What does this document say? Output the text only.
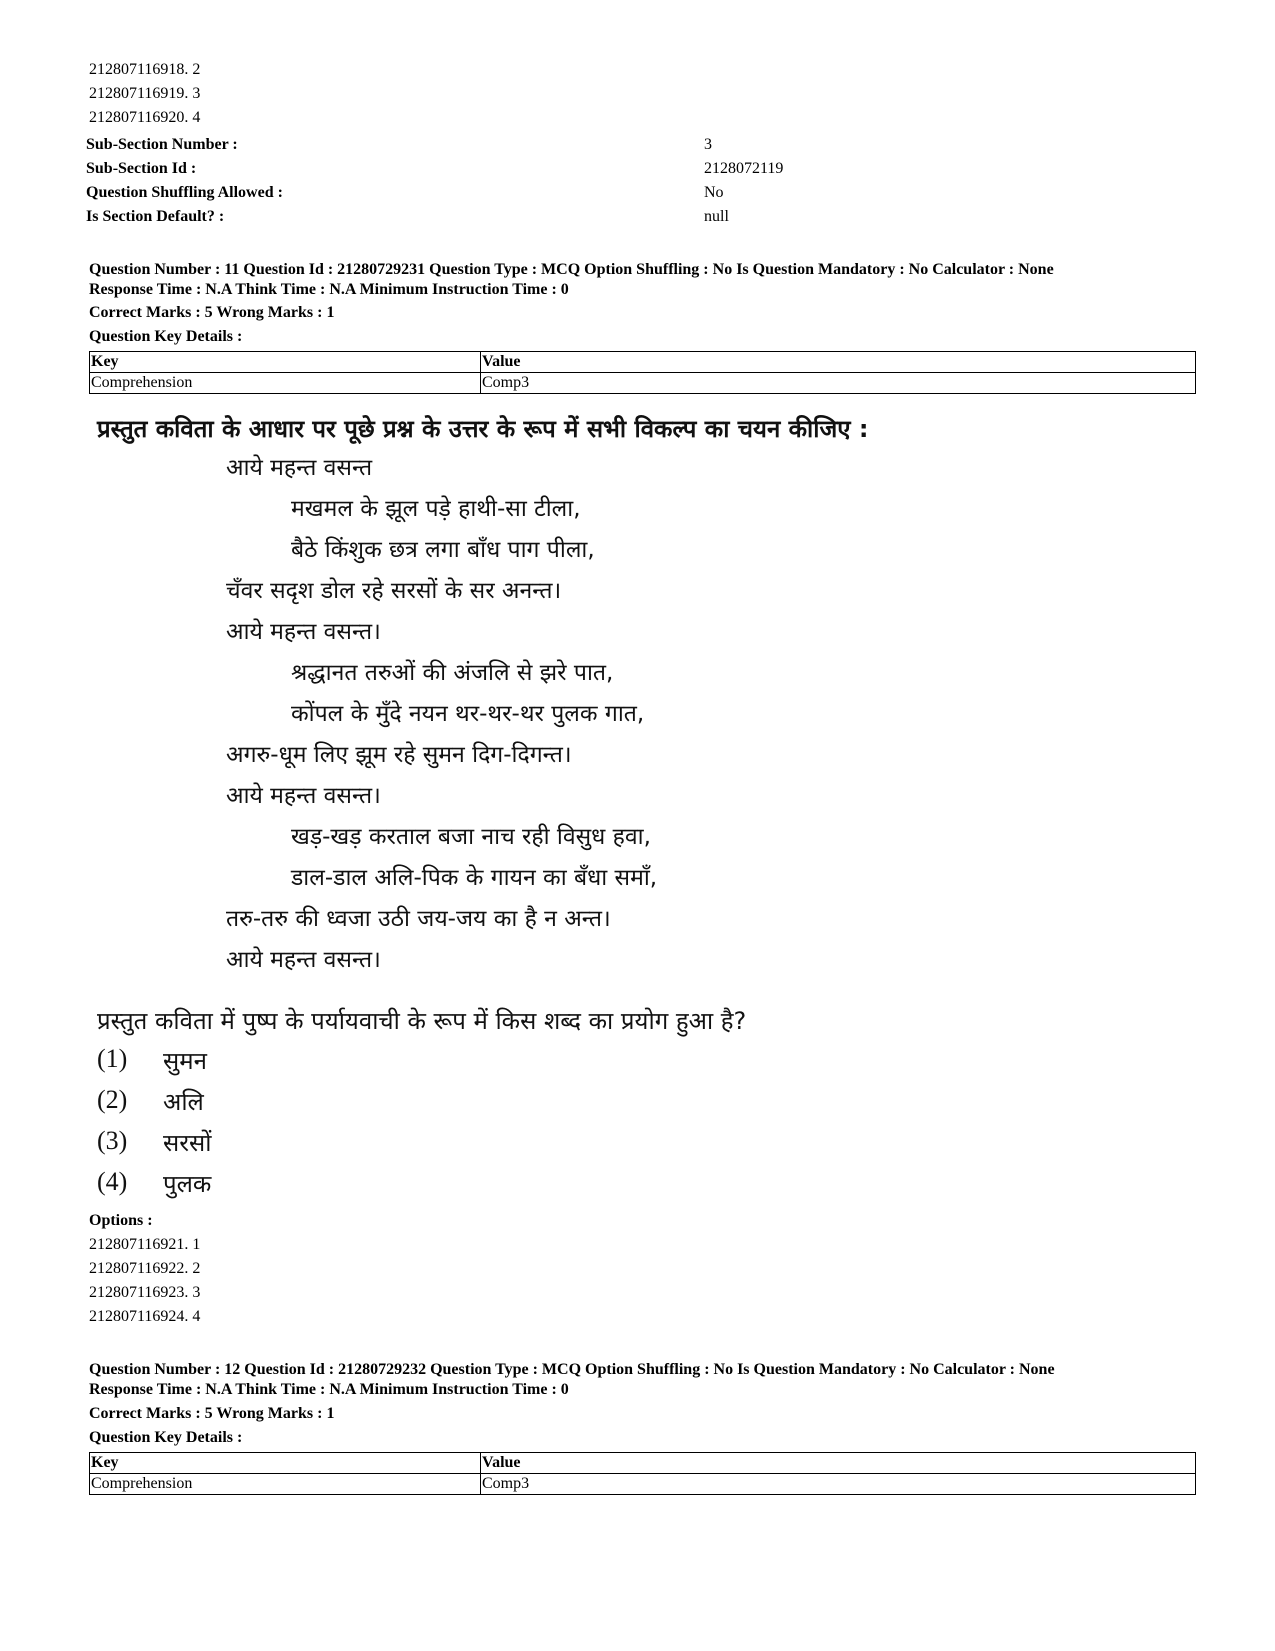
212807116918. 2
212807116919. 3
212807116920. 4
Sub-Section Number :	3
Sub-Section Id :	2128072119
Question Shuffling Allowed :	No
Is Section Default? :	null
Question Number : 11 Question Id : 21280729231 Question Type : MCQ Option Shuffling : No Is Question Mandatory : No Calculator : None
Response Time : N.A Think Time : N.A Minimum Instruction Time : 0
Correct Marks : 5 Wrong Marks : 1
Question Key Details :
Key	Value
Comprehension	Comp3
प्रस्तुत कविता के आधार पर पूछे प्रश्न के उत्तर के रूप में सभी विकल्प का चयन कीजिए :
आये महन्त वसन्त
मखमल के झूल पड़े हाथी-सा टीला,
बैठे किंशुक छत्र लगा बाँध पाग पीला,
चँवर सदृश डोल रहे सरसों के सर अनन्त।
आये महन्त वसन्त।
श्रद्धानत तरुओं की अंजलि से झरे पात,
कोंपल के मुँदे नयन थर-थर-थर पुलक गात,
अगरु-धूम लिए झूम रहे सुमन दिग-दिगन्त।
आये महन्त वसन्त।
खड़-खड़ करताल बजा नाच रही विसुध हवा,
डाल-डाल अलि-पिक के गायन का बँधा समाँ,
तरु-तरु की ध्वजा उठी जय-जय का है न अन्त।
आये महन्त वसन्त।
प्रस्तुत कविता में पुष्प के पर्यायवाची के रूप में किस शब्द का प्रयोग हुआ है?
(1) सुमन
(2) अलि
(3) सरसों
(4) पुलक
Options :
212807116921. 1
212807116922. 2
212807116923. 3
212807116924. 4
Question Number : 12 Question Id : 21280729232 Question Type : MCQ Option Shuffling : No Is Question Mandatory : No Calculator : None
Response Time : N.A Think Time : N.A Minimum Instruction Time : 0
Correct Marks : 5 Wrong Marks : 1
Question Key Details :
Key	Value
Comprehension	Comp3
